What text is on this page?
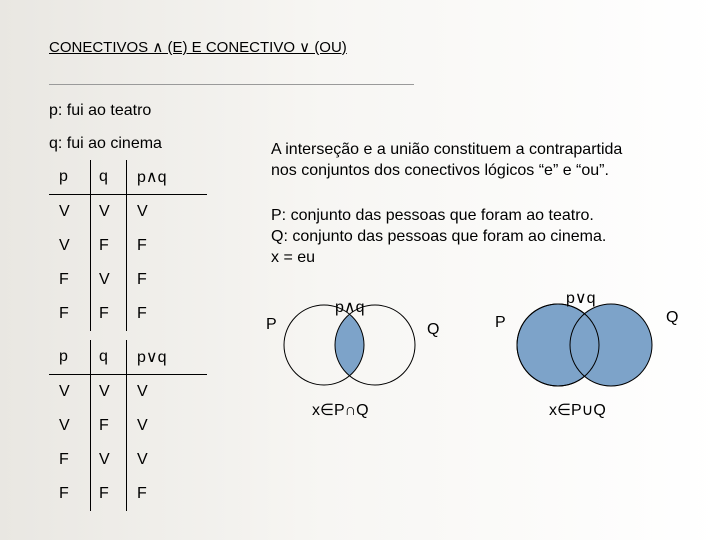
CONECTIVOS ∧ (E) E CONECTIVO ∨ (OU)
p: fui ao teatro
q: fui ao cinema
p	q	p∧q
V	V	V
V	F	F
F	V	F
F	F	F
p	q	p∨q
V	V	V
V	F	V
F	V	V
F	F	F
A interseção e a união constituem a contrapartida
nos conjuntos dos conectivos lógicos “e” e “ou”.
P: conjunto das pessoas que foram ao teatro.
Q: conjunto das pessoas que foram ao cinema.
x = eu
p∧q
P	Q
x∈P∩Q
p∨q
P	Q
x∈P∪Q
